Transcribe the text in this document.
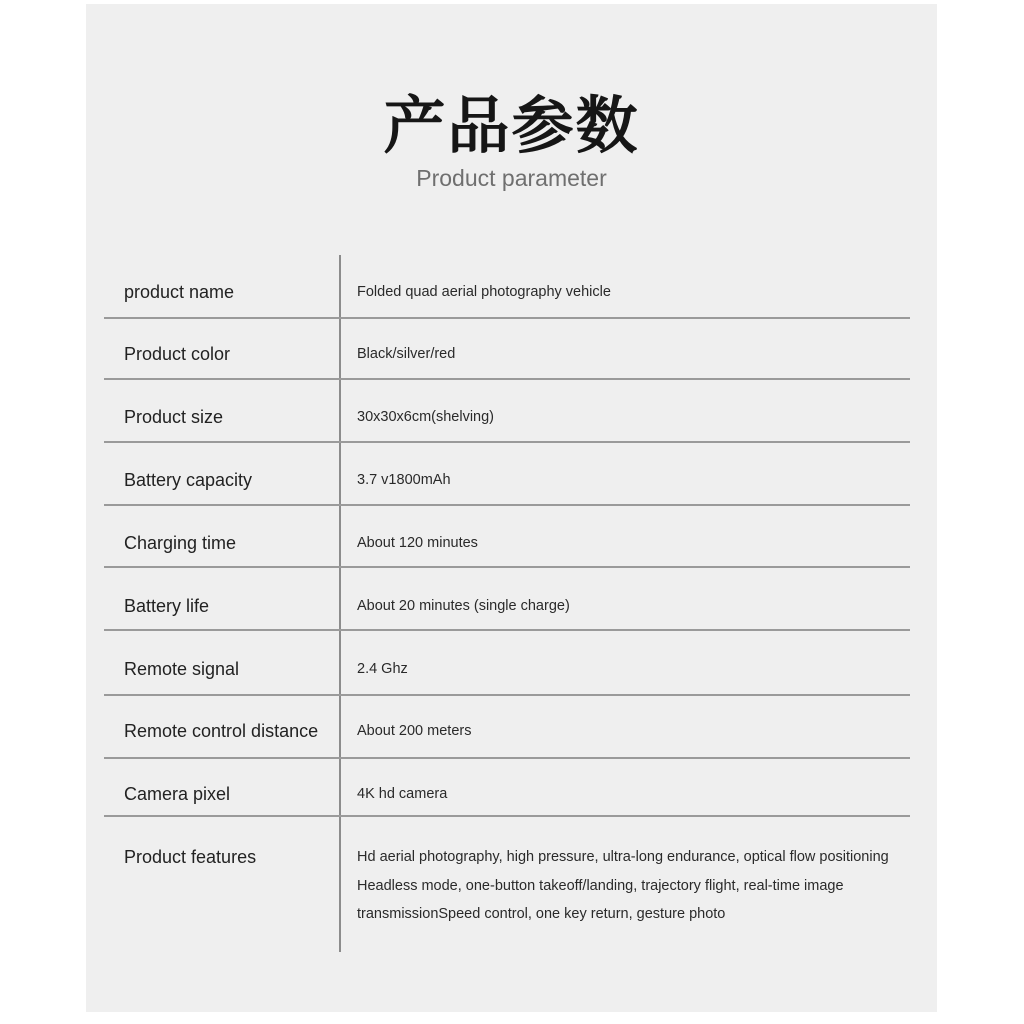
产品参数
Product parameter
product name	Folded quad aerial photography vehicle
Product color	Black/silver/red
Product size	30x30x6cm(shelving)
Battery capacity	3.7 v1800mAh
Charging time	About 120 minutes
Battery life	About 20 minutes (single charge)
Remote signal	2.4 Ghz
Remote control distance	About 200 meters
Camera pixel	4K hd camera
Product features	Hd aerial photography, high pressure, ultra-long endurance, optical flow positioning
Headless mode, one-button takeoff/landing, trajectory flight, real-time image
transmissionSpeed control, one key return, gesture photo
